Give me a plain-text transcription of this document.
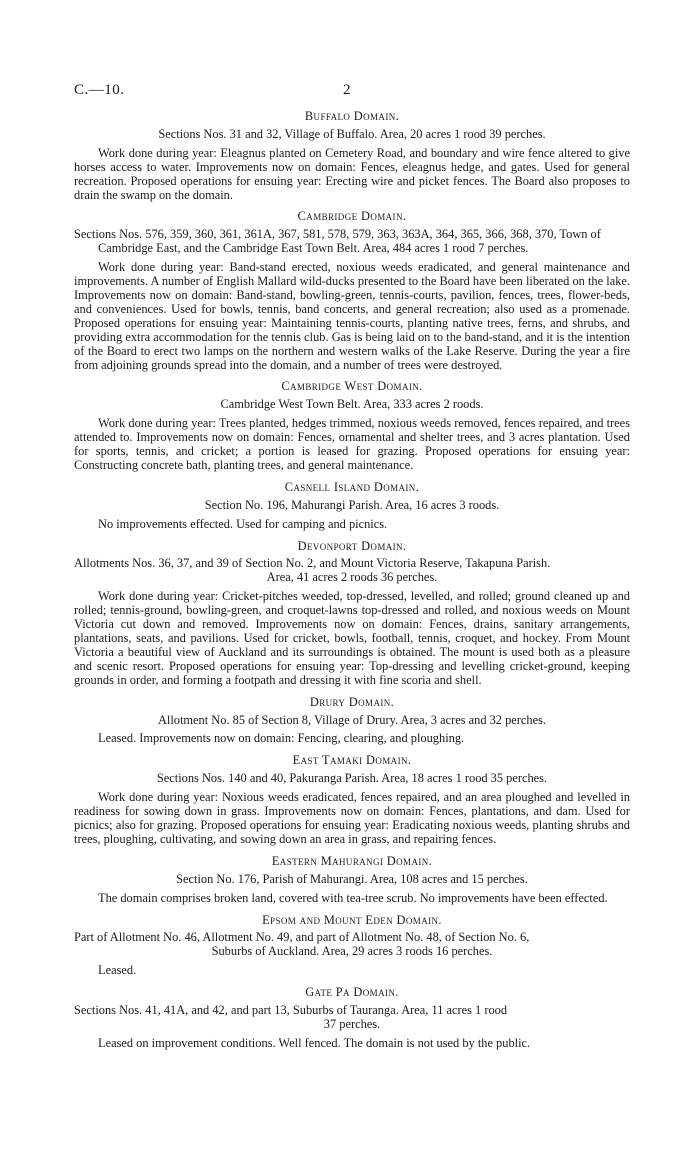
C.—10.	2
Buffalo Domain.
Sections Nos. 31 and 32, Village of Buffalo. Area, 20 acres 1 rood 39 perches.

Work done during year: Eleagnus planted on Cemetery Road, and boundary and wire fence altered to give horses access to water. Improvements now on domain: Fences, eleagnus hedge, and gates. Used for general recreation. Proposed operations for ensuing year: Erecting wire and picket fences. The Board also proposes to drain the swamp on the domain.

Cambridge Domain.
Sections Nos. 576, 359, 360, 361, 361A, 367, 581, 578, 579, 363, 363A, 364, 365, 366, 368, 370, Town of Cambridge East, and the Cambridge East Town Belt. Area, 484 acres 1 rood 7 perches.

Work done during year: Band-stand erected, noxious weeds eradicated, and general maintenance and improvements. A number of English Mallard wild-ducks presented to the Board have been liberated on the lake. Improvements now on domain: Band-stand, bowling-green, tennis-courts, pavilion, fences, trees, flower-beds, and conveniences. Used for bowls, tennis, band concerts, and general recreation; also used as a promenade. Proposed operations for ensuing year: Maintaining tennis-courts, planting native trees, ferns, and shrubs, and providing extra accommodation for the tennis club. Gas is being laid on to the band-stand, and it is the intention of the Board to erect two lamps on the northern and western walks of the Lake Reserve. During the year a fire from adjoining grounds spread into the domain, and a number of trees were destroyed.

Cambridge West Domain.
Cambridge West Town Belt. Area, 333 acres 2 roods.

Work done during year: Trees planted, hedges trimmed, noxious weeds removed, fences repaired, and trees attended to. Improvements now on domain: Fences, ornamental and shelter trees, and 3 acres plantation. Used for sports, tennis, and cricket; a portion is leased for grazing. Proposed operations for ensuing year: Constructing concrete bath, planting trees, and general maintenance.

Casnell Island Domain.
Section No. 196, Mahurangi Parish. Area, 16 acres 3 roods.

No improvements effected. Used for camping and picnics.

Devonport Domain.
Allotments Nos. 36, 37, and 39 of Section No. 2, and Mount Victoria Reserve, Takapuna Parish.
Area, 41 acres 2 roods 36 perches.

Work done during year: Cricket-pitches weeded, top-dressed, levelled, and rolled; ground cleaned up and rolled; tennis-ground, bowling-green, and croquet-lawns top-dressed and rolled, and noxious weeds on Mount Victoria cut down and removed. Improvements now on domain: Fences, drains, sanitary arrangements, plantations, seats, and pavilions. Used for cricket, bowls, football, tennis, croquet, and hockey. From Mount Victoria a beautiful view of Auckland and its surroundings is obtained. The mount is used both as a pleasure and scenic resort. Proposed operations for ensuing year: Top-dressing and levelling cricket-ground, keeping grounds in order, and forming a footpath and dressing it with fine scoria and shell.

Drury Domain.
Allotment No. 85 of Section 8, Village of Drury. Area, 3 acres and 32 perches.

Leased. Improvements now on domain: Fencing, clearing, and ploughing.

East Tamaki Domain.
Sections Nos. 140 and 40, Pakuranga Parish. Area, 18 acres 1 rood 35 perches.

Work done during year: Noxious weeds eradicated, fences repaired, and an area ploughed and levelled in readiness for sowing down in grass. Improvements now on domain: Fences, plantations, and dam. Used for picnics; also for grazing. Proposed operations for ensuing year: Eradicating noxious weeds, planting shrubs and trees, ploughing, cultivating, and sowing down an area in grass, and repairing fences.

Eastern Mahurangi Domain.
Section No. 176, Parish of Mahurangi. Area, 108 acres and 15 perches.

The domain comprises broken land, covered with tea-tree scrub. No improvements have been effected.

Epsom and Mount Eden Domain.
Part of Allotment No. 46, Allotment No. 49, and part of Allotment No. 48, of Section No. 6,
Suburbs of Auckland. Area, 29 acres 3 roods 16 perches.

Leased.

Gate Pa Domain.
Sections Nos. 41, 41A, and 42, and part 13, Suburbs of Tauranga. Area, 11 acres 1 rood
37 perches.

Leased on improvement conditions. Well fenced. The domain is not used by the public.
